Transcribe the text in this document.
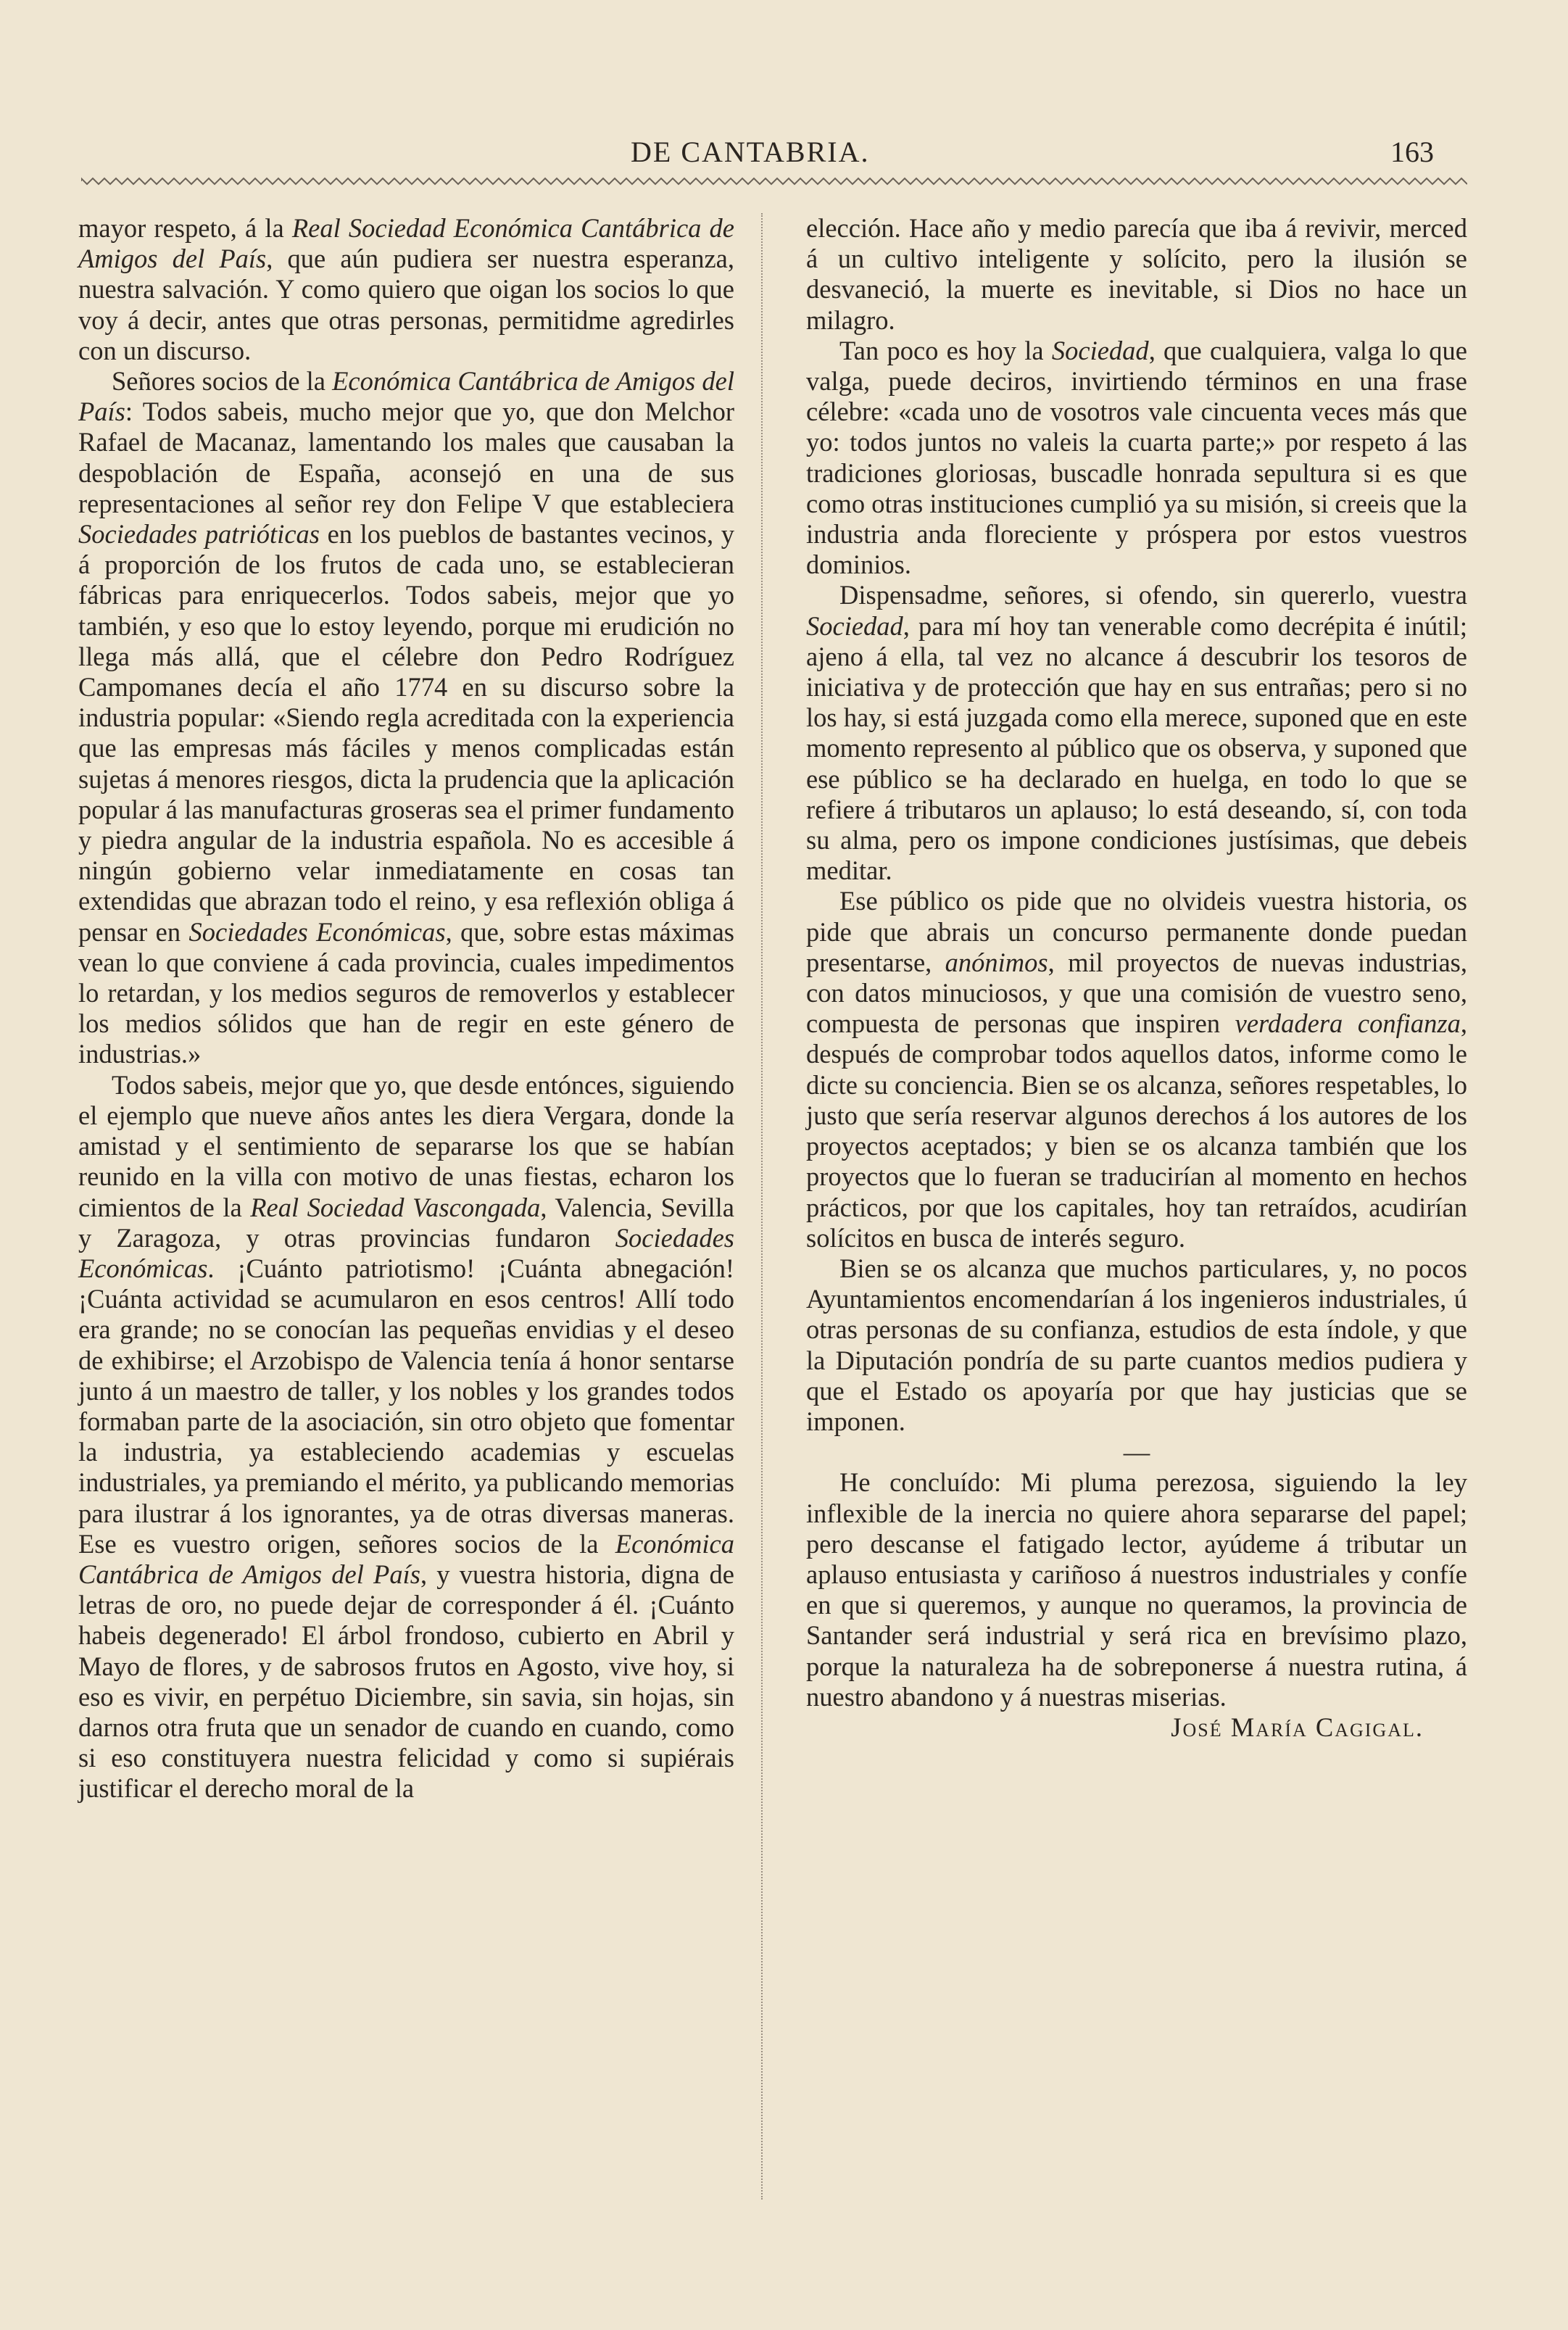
DE CANTABRIA.	163

mayor respeto, á la Real Sociedad Económica Cantábrica de Amigos del País, que aún pudiera ser nuestra esperanza, nuestra salvación. Y como quiero que oigan los socios lo que voy á decir, antes que otras personas, permitidme agredirles con un discurso.

Señores socios de la Económica Cantábrica de Amigos del País: Todos sabeis, mucho mejor que yo, que don Melchor Rafael de Macanaz, lamentando los males que causaban la despoblación de España, aconsejó en una de sus representaciones al señor rey don Felipe V que estableciera Sociedades patrióticas en los pueblos de bastantes vecinos, y á proporción de los frutos de cada uno, se establecieran fábricas para enriquecerlos. Todos sabeis, mejor que yo también, y eso que lo estoy leyendo, porque mi erudición no llega más allá, que el célebre don Pedro Rodríguez Campomanes decía el año 1774 en su discurso sobre la industria popular: «Siendo regla acreditada con la experiencia que las empresas más fáciles y menos complicadas están sujetas á menores riesgos, dicta la prudencia que la aplicación popular á las manufacturas groseras sea el primer fundamento y piedra angular de la industria española. No es accesible á ningún gobierno velar inmediatamente en cosas tan extendidas que abrazan todo el reino, y esa reflexión obliga á pensar en Sociedades Económicas, que, sobre estas máximas vean lo que conviene á cada provincia, cuales impedimentos lo retardan, y los medios seguros de removerlos y establecer los medios sólidos que han de regir en este género de industrias.»

Todos sabeis, mejor que yo, que desde entónces, siguiendo el ejemplo que nueve años antes les diera Vergara, donde la amistad y el sentimiento de separarse los que se habían reunido en la villa con motivo de unas fiestas, echaron los cimientos de la Real Sociedad Vascongada, Valencia, Sevilla y Zaragoza, y otras provincias fundaron Sociedades Económicas. ¡Cuánto patriotismo! ¡Cuánta abnegación! ¡Cuánta actividad se acumularon en esos centros! Allí todo era grande; no se conocían las pequeñas envidias y el deseo de exhibirse; el Arzobispo de Valencia tenía á honor sentarse junto á un maestro de taller, y los nobles y los grandes todos formaban parte de la asociación, sin otro objeto que fomentar la industria, ya estableciendo academias y escuelas industriales, ya premiando el mérito, ya publicando memorias para ilustrar á los ignorantes, ya de otras diversas maneras. Ese es vuestro origen, señores socios de la Económica Cantábrica de Amigos del País, y vuestra historia, digna de letras de oro, no puede dejar de corresponder á él. ¡Cuánto habeis degenerado! El árbol frondoso, cubierto en Abril y Mayo de flores, y de sabrosos frutos en Agosto, vive hoy, si eso es vivir, en perpétuo Diciembre, sin savia, sin hojas, sin darnos otra fruta que un senador de cuando en cuando, como si eso constituyera nuestra felicidad y como si supiérais justificar el derecho moral de la

elección. Hace año y medio parecía que iba á revivir, merced á un cultivo inteligente y solícito, pero la ilusión se desvaneció, la muerte es inevitable, si Dios no hace un milagro.

Tan poco es hoy la Sociedad, que cualquiera, valga lo que valga, puede deciros, invirtiendo términos en una frase célebre: «cada uno de vosotros vale cincuenta veces más que yo: todos juntos no valeis la cuarta parte;» por respeto á las tradiciones gloriosas, buscadle honrada sepultura si es que como otras instituciones cumplió ya su misión, si creeis que la industria anda floreciente y próspera por estos vuestros dominios.

Dispensadme, señores, si ofendo, sin quererlo, vuestra Sociedad, para mí hoy tan venerable como decrépita é inútil; ajeno á ella, tal vez no alcance á descubrir los tesoros de iniciativa y de protección que hay en sus entrañas; pero si no los hay, si está juzgada como ella merece, suponed que en este momento represento al público que os observa, y suponed que ese público se ha declarado en huelga, en todo lo que se refiere á tributaros un aplauso; lo está deseando, sí, con toda su alma, pero os impone condiciones justísimas, que debeis meditar.

Ese público os pide que no olvideis vuestra historia, os pide que abrais un concurso permanente donde puedan presentarse, anónimos, mil proyectos de nuevas industrias, con datos minuciosos, y que una comisión de vuestro seno, compuesta de personas que inspiren verdadera confianza, después de comprobar todos aquellos datos, informe como le dicte su conciencia. Bien se os alcanza, señores respetables, lo justo que sería reservar algunos derechos á los autores de los proyectos aceptados; y bien se os alcanza también que los proyectos que lo fueran se traducirían al momento en hechos prácticos, por que los capitales, hoy tan retraídos, acudirían solícitos en busca de interés seguro.

Bien se os alcanza que muchos particulares, y, no pocos Ayuntamientos encomendarían á los ingenieros industriales, ú otras personas de su confianza, estudios de esta índole, y que la Diputación pondría de su parte cuantos medios pudiera y que el Estado os apoyaría por que hay justicias que se imponen.

—

He concluído: Mi pluma perezosa, siguiendo la ley inflexible de la inercia no quiere ahora separarse del papel; pero descanse el fatigado lector, ayúdeme á tributar un aplauso entusiasta y cariñoso á nuestros industriales y confíe en que si queremos, y aunque no queramos, la provincia de Santander será industrial y será rica en brevísimo plazo, porque la naturaleza ha de sobreponerse á nuestra rutina, á nuestro abandono y á nuestras miserias.

José María Cagigal.
